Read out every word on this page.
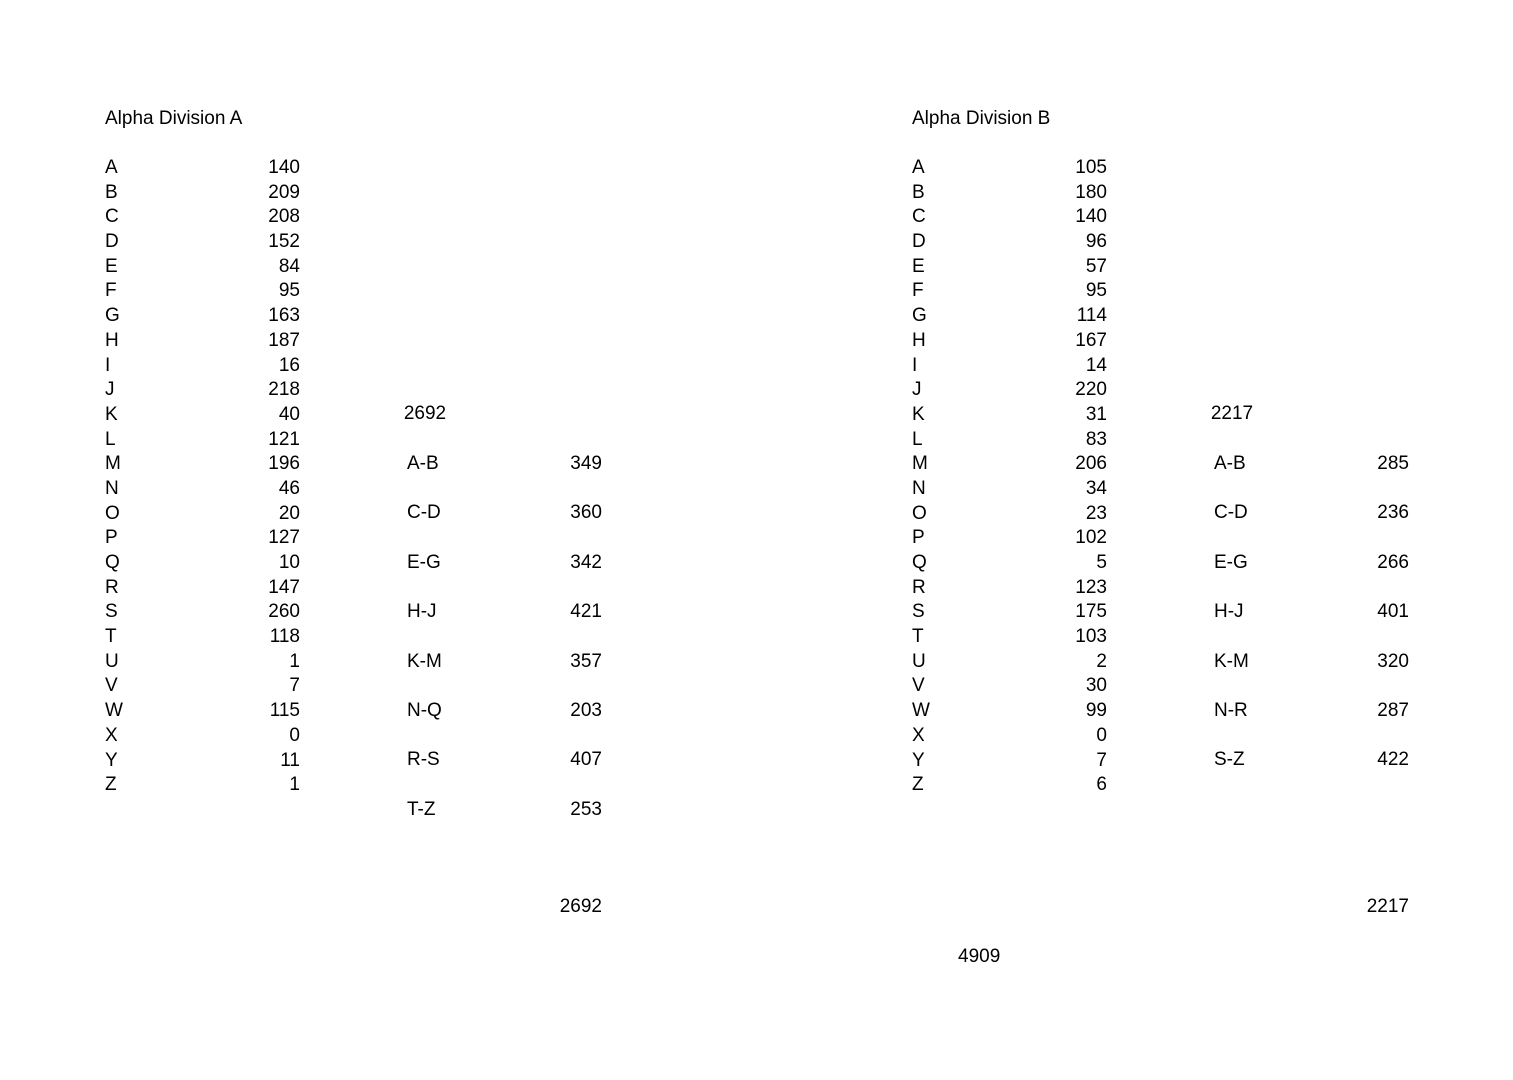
Alpha Division A
A	140
B	209
C	208
D	152
E	84
F	95
G	163
H	187
I	16
J	218
K	40
L	121
M	196
N	46
O	20
P	127
Q	10
R	147
S	260
T	118
U	1
V	7
W	115
X	0
Y	11
Z	1
2692
A-B	349
C-D	360
E-G	342
H-J	421
K-M	357
N-Q	203
R-S	407
T-Z	253
2692
Alpha Division B
A	105
B	180
C	140
D	96
E	57
F	95
G	114
H	167
I	14
J	220
K	31
L	83
M	206
N	34
O	23
P	102
Q	5
R	123
S	175
T	103
U	2
V	30
W	99
X	0
Y	7
Z	6
2217
A-B	285
C-D	236
E-G	266
H-J	401
K-M	320
N-R	287
S-Z	422
2217
4909
